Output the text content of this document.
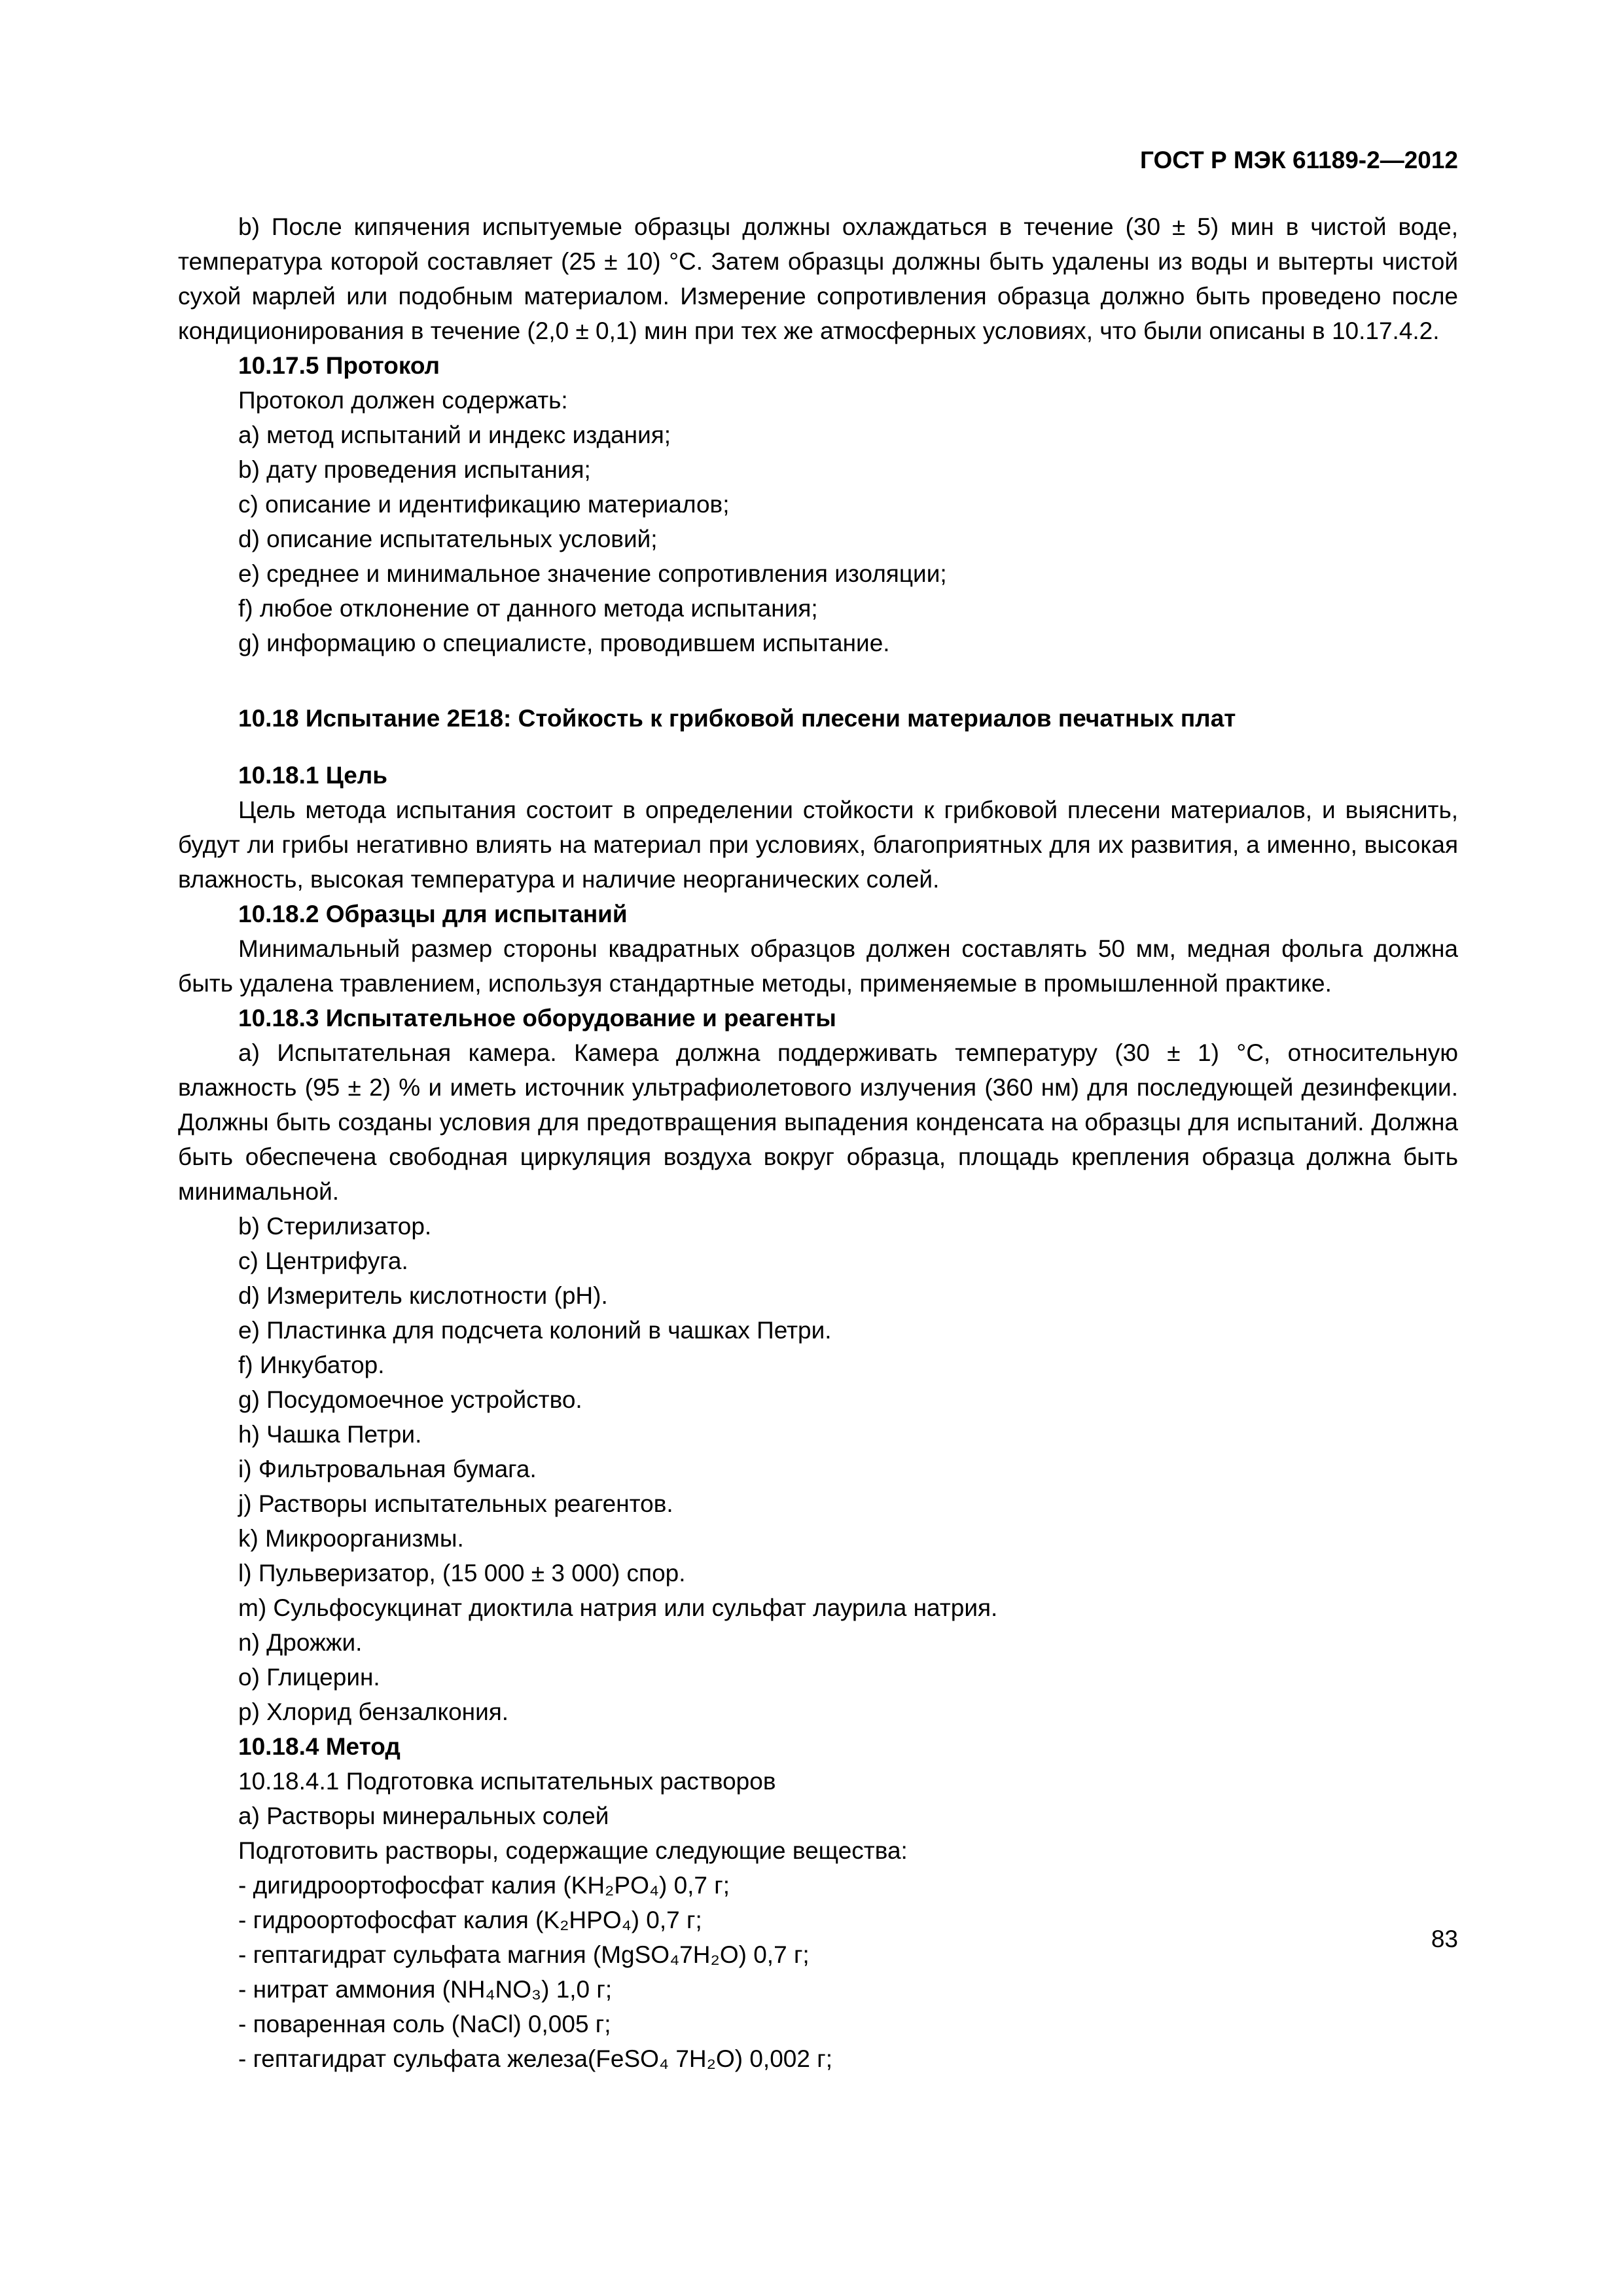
ГОСТ Р МЭК 61189-2—2012

b) После кипячения испытуемые образцы должны охлаждаться в течение (30 ± 5) мин в чистой воде, температура которой составляет (25 ± 10) °С. Затем образцы должны быть удалены из воды и вытерты чистой сухой марлей или подобным материалом. Измерение сопротивления образца должно быть проведено после кондиционирования в течение (2,0 ± 0,1) мин при тех же атмосферных условиях, что были описаны в 10.17.4.2.

10.17.5 Протокол

Протокол должен содержать:

a) метод испытаний и индекс издания;

b) дату проведения испытания;

c) описание и идентификацию материалов;

d) описание испытательных условий;

e) среднее и минимальное значение сопротивления изоляции;

f) любое отклонение от данного метода испытания;

g) информацию о специалисте, проводившем испытание.

10.18 Испытание 2Е18: Стойкость к грибковой плесени материалов печатных плат

10.18.1 Цель

Цель метода испытания состоит в определении стойкости к грибковой плесени материалов, и выяснить, будут ли грибы негативно влиять на материал при условиях, благоприятных для их развития, а именно, высокая влажность, высокая температура и наличие неорганических солей.

10.18.2 Образцы для испытаний

Минимальный размер стороны квадратных образцов должен составлять 50 мм, медная фольга должна быть удалена травлением, используя стандартные методы, применяемые в промышленной практике.

10.18.3 Испытательное оборудование и реагенты

a) Испытательная камера. Камера должна поддерживать температуру (30 ± 1) °С, относительную влажность (95 ± 2) % и иметь источник ультрафиолетового излучения (360 нм) для последующей дезинфекции. Должны быть созданы условия для предотвращения выпадения конденсата на образцы для испытаний. Должна быть обеспечена свободная циркуляция воздуха вокруг образца, площадь крепления образца должна быть минимальной.

b) Стерилизатор.

c) Центрифуга.

d) Измеритель кислотности (pH).

e) Пластинка для подсчета колоний в чашках Петри.

f) Инкубатор.

g) Посудомоечное устройство.

h) Чашка Петри.

i) Фильтровальная бумага.

j) Растворы испытательных реагентов.

k) Микроорганизмы.

l) Пульверизатор, (15 000 ± 3 000) спор.

m) Сульфосукцинат диоктила натрия или сульфат лаурила натрия.

n) Дрожжи.

o) Глицерин.

p) Хлорид бензалкония.

10.18.4 Метод

10.18.4.1 Подготовка испытательных растворов

a) Растворы минеральных солей

Подготовить растворы, содержащие следующие вещества:

- дигидроортофосфат калия (KH₂PO₄) 0,7 г;

- гидроортофосфат калия (K₂HPO₄) 0,7 г;

- гептагидрат сульфата магния (MgSO₄7H₂O) 0,7 г;

- нитрат аммония (NH₄NO₃) 1,0 г;

- поваренная соль (NaCl) 0,005 г;

- гептагидрат сульфата железа(FeSO₄ 7H₂O) 0,002 г;

83
